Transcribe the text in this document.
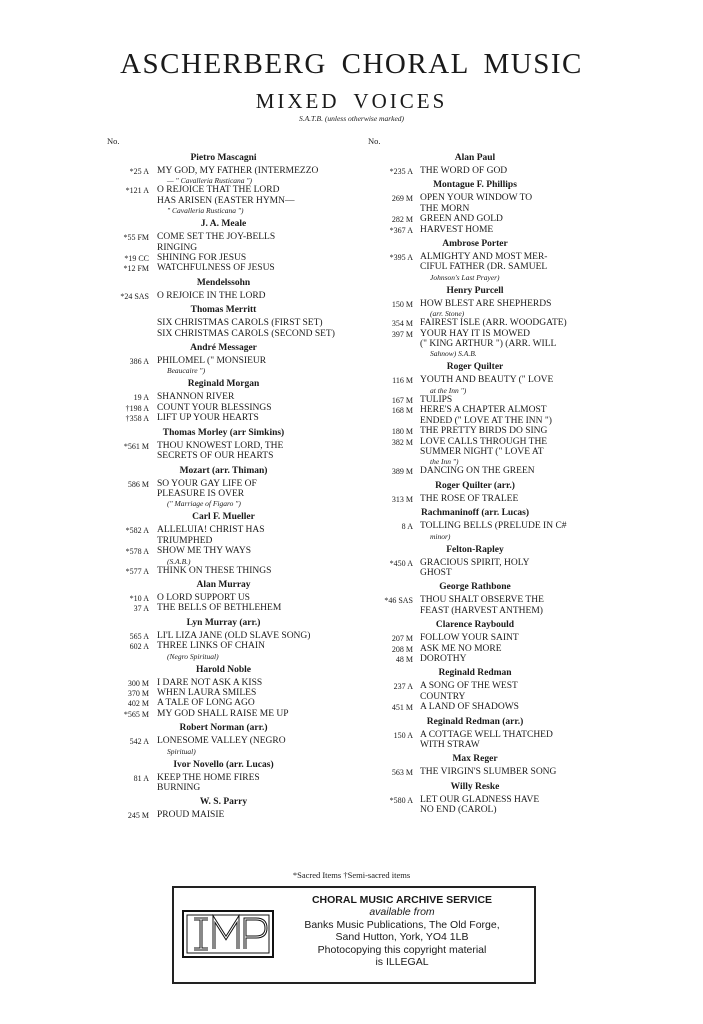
ASCHERBERG CHORAL MUSIC
MIXED VOICES
S.A.T.B. (unless otherwise marked)
No.
Pietro Mascagni
*25 A MY GOD, MY FATHER (INTERMEZZO
— " Cavalleria Rusticana ")
*121 A O REJOICE THAT THE LORD
HAS ARISEN (EASTER HYMN—
" Cavalleria Rusticana ")
J. A. Meale
*55 FM COME SET THE JOY-BELLS
RINGING
*19 CC SHINING FOR JESUS
*12 FM WATCHFULNESS OF JESUS
Mendelssohn
*24 SAS O REJOICE IN THE LORD
Thomas Merritt
SIX CHRISTMAS CAROLS (FIRST SET)
SIX CHRISTMAS CAROLS (SECOND SET)
André Messager
386 A PHILOMEL (" MONSIEUR
Beaucaire ")
Reginald Morgan
19 A SHANNON RIVER
†198 A COUNT YOUR BLESSINGS
†358 A LIFT UP YOUR HEARTS
Thomas Morley (arr Simkins)
*561 M THOU KNOWEST LORD, THE
SECRETS OF OUR HEARTS
Mozart (arr. Thiman)
586 M SO YOUR GAY LIFE OF
PLEASURE IS OVER
(" Marriage of Figaro ")
Carl F. Mueller
*582 A ALLELUIA! CHRIST HAS
TRIUMPHED
*578 A SHOW ME THY WAYS
(S.A.B.)
*577 A THINK ON THESE THINGS
Alan Murray
*10 A O LORD SUPPORT US
37 A THE BELLS OF BETHLEHEM
Lyn Murray (arr.)
565 A LI'L LIZA JANE (OLD SLAVE SONG)
602 A THREE LINKS OF CHAIN
(Negro Spiritual)
Harold Noble
300 M I DARE NOT ASK A KISS
370 M WHEN LAURA SMILES
402 M A TALE OF LONG AGO
*565 M MY GOD SHALL RAISE ME UP
Robert Norman (arr.)
542 A LONESOME VALLEY (NEGRO
Spiritual)
Ivor Novello (arr. Lucas)
81 A KEEP THE HOME FIRES
BURNING
W. S. Parry
245 M PROUD MAISIE
No.
Alan Paul
*235 A THE WORD OF GOD
Montague F. Phillips
269 M OPEN YOUR WINDOW TO
THE MORN
282 M GREEN AND GOLD
*367 A HARVEST HOME
Ambrose Porter
*395 A ALMIGHTY AND MOST MER-
CIFUL FATHER (DR. SAMUEL
Johnson's Last Prayer)
Henry Purcell
150 M HOW BLEST ARE SHEPHERDS
(arr. Stone)
354 M FAIREST ISLE (ARR. WOODGATE)
397 M YOUR HAY IT IS MOWED
(" KING ARTHUR ") (ARR. WILL
Sahnow) S.A.B.
Roger Quilter
116 M YOUTH AND BEAUTY (" LOVE
at the Inn ")
167 M TULIPS
168 M HERE'S A CHAPTER ALMOST
ENDED (" LOVE AT THE INN ")
180 M THE PRETTY BIRDS DO SING
382 M LOVE CALLS THROUGH THE
SUMMER NIGHT (" LOVE AT
the Inn ")
389 M DANCING ON THE GREEN
Roger Quilter (arr.)
313 M THE ROSE OF TRALEE
Rachmaninoff (arr. Lucas)
8 A TOLLING BELLS (PRELUDE IN C#
minor)
Felton-Rapley
*450 A GRACIOUS SPIRIT, HOLY
GHOST
George Rathbone
*46 SAS THOU SHALT OBSERVE THE
FEAST (HARVEST ANTHEM)
Clarence Raybould
207 M FOLLOW YOUR SAINT
208 M ASK ME NO MORE
48 M DOROTHY
Reginald Redman
237 A A SONG OF THE WEST
COUNTRY
451 M A LAND OF SHADOWS
Reginald Redman (arr.)
150 A A COTTAGE WELL THATCHED
WITH STRAW
Max Reger
563 M THE VIRGIN'S SLUMBER SONG
Willy Reske
*580 A LET OUR GLADNESS HAVE
NO END (CAROL)
*Sacred Items †Semi-sacred items
CHORAL MUSIC ARCHIVE SERVICE
available from
Banks Music Publications, The Old Forge,
Sand Hutton, York, YO4 1LB
Photocopying this copyright material
is ILLEGAL
